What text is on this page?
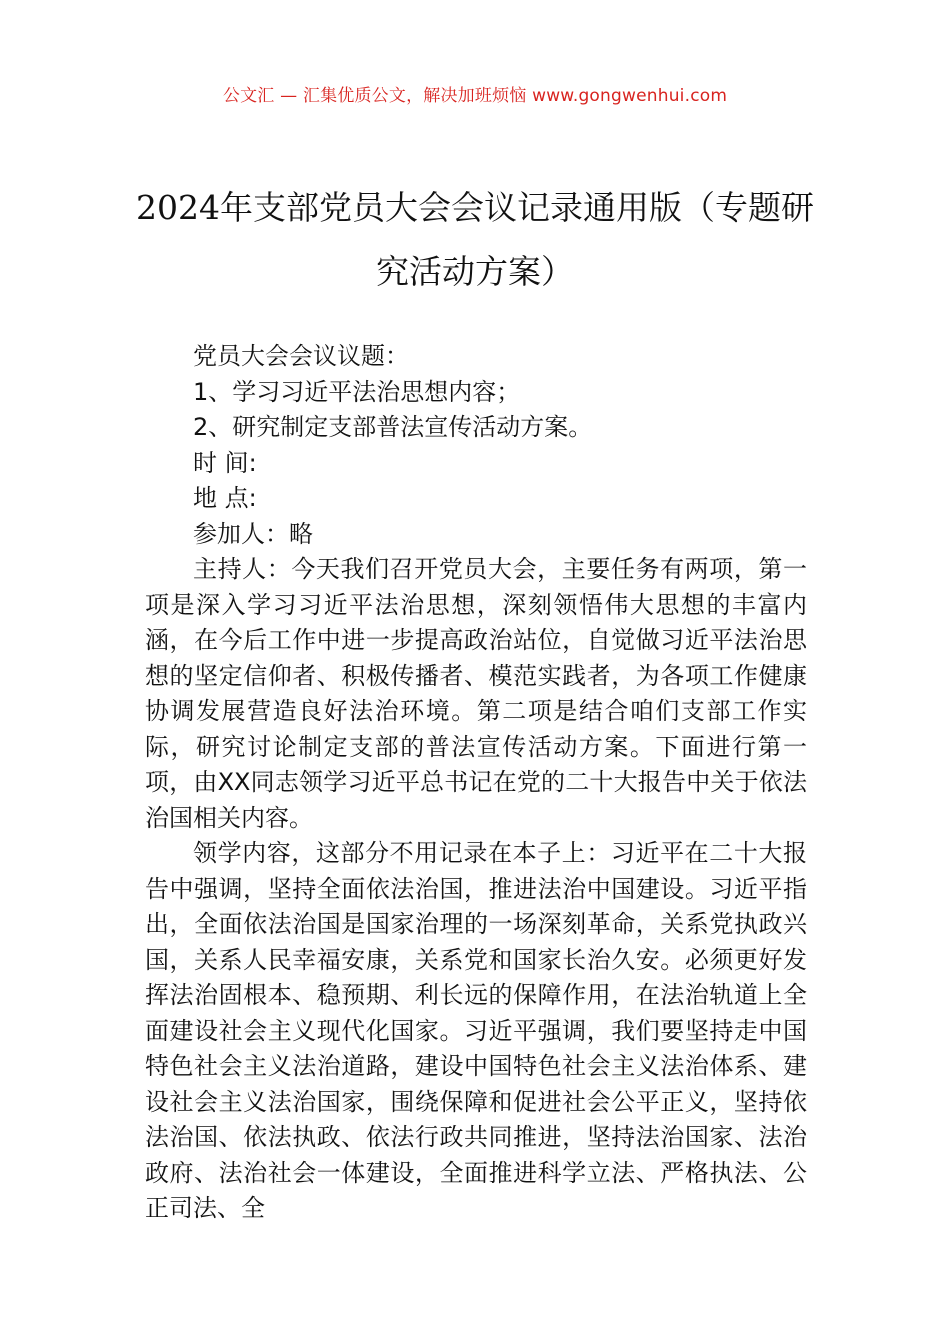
公文汇 — 汇集优质公文，解决加班烦恼 www.gongwenhui.com
2024年支部党员大会会议记录通用版（专题研究活动方案）

党员大会会议议题：

1、学习习近平法治思想内容；

2、研究制定支部普法宣传活动方案。

时 间:

地 点:

参加人：略

主持人：今天我们召开党员大会，主要任务有两项，第一项是深入学习习近平法治思想，深刻领悟伟大思想的丰富内涵，在今后工作中进一步提高政治站位，自觉做习近平法治思想的坚定信仰者、积极传播者、模范实践者，为各项工作健康协调发展营造良好法治环境。第二项是结合咱们支部工作实际，研究讨论制定支部的普法宣传活动方案。下面进行第一项，由XX同志领学习近平总书记在党的二十大报告中关于依法治国相关内容。

领学内容，这部分不用记录在本子上：习近平在二十大报告中强调，坚持全面依法治国，推进法治中国建设。习近平指出，全面依法治国是国家治理的一场深刻革命，关系党执政兴国，关系人民幸福安康，关系党和国家长治久安。必须更好发挥法治固根本、稳预期、利长远的保障作用，在法治轨道上全面建设社会主义现代化国家。习近平强调，我们要坚持走中国特色社会主义法治道路，建设中国特色社会主义法治体系、建设社会主义法治国家，围绕保障和促进社会公平正义，坚持依法治国、依法执政、依法行政共同推进，坚持法治国家、法治政府、法治社会一体建设，全面推进科学立法、严格执法、公正司法、全
